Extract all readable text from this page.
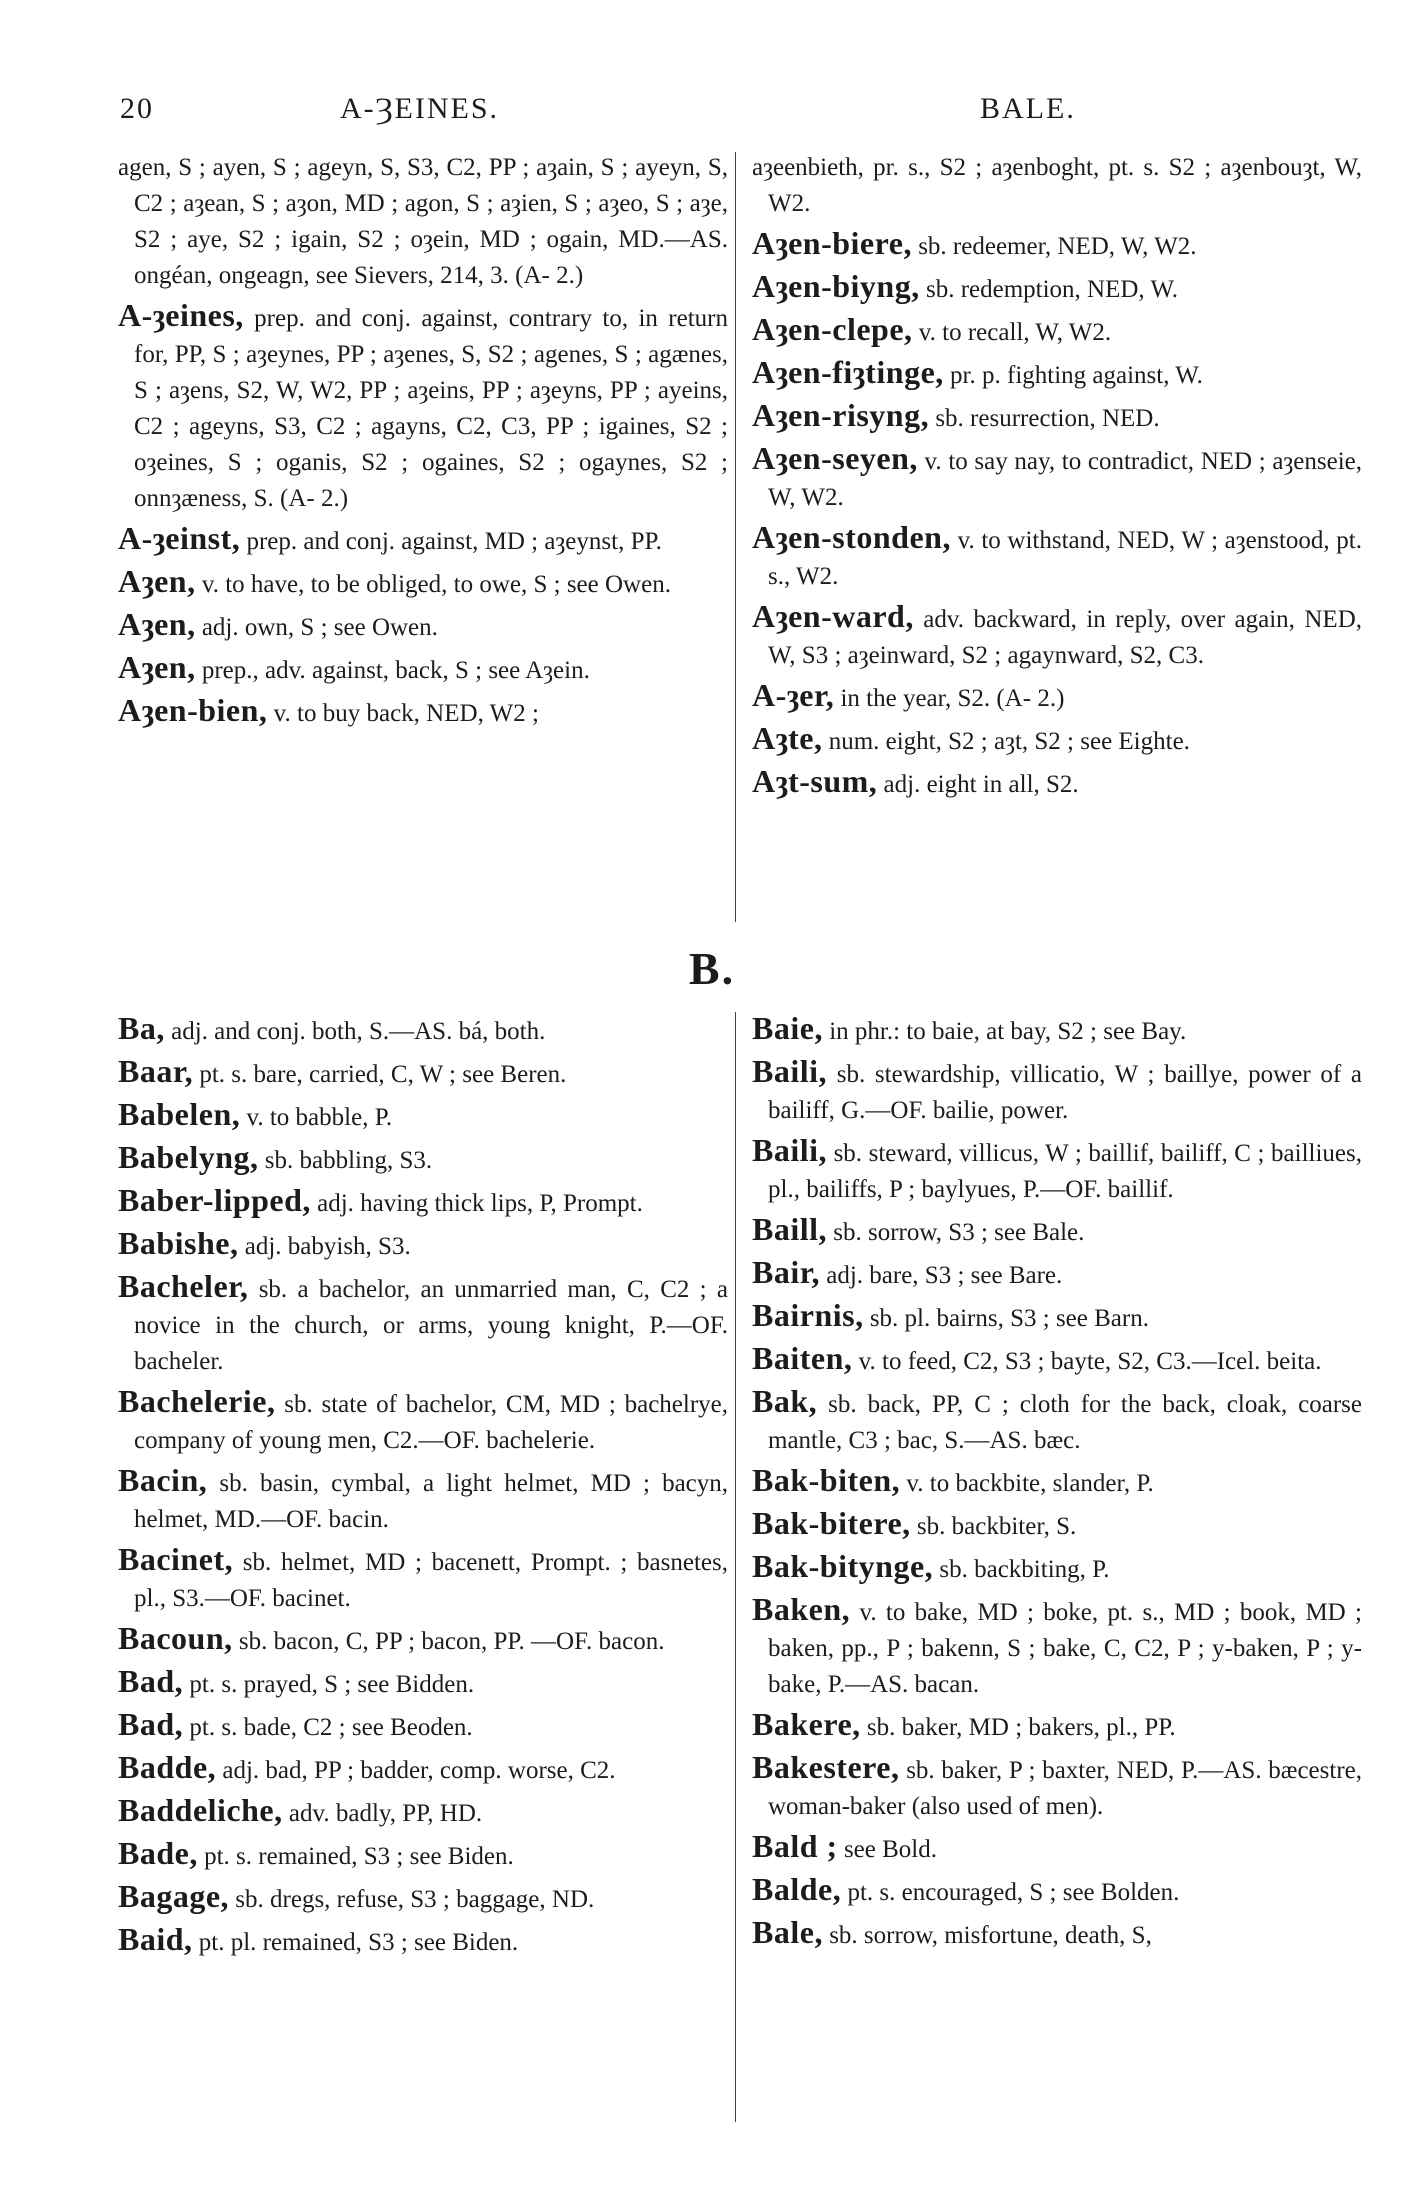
20	A-ȜEINES.	BALE.

agen, S ; ayen, S ; ageyn, S, S3, C2, PP ; aȝain, S ; ayeyn, S, C2 ; aȝean, S ; aȝon, MD ; agon, S ; aȝien, S ; aȝeo, S ; aȝe, S2 ; aye, S2 ; igain, S2 ; oȝein, MD ; ogain, MD.—AS. ongéan, ongeagn, see Sievers, 214, 3. (A- 2.)

A-ȝeines, prep. and conj. against, contrary to, in return for, PP, S ; aȝeynes, PP ; aȝenes, S, S2 ; agenes, S ; agænes, S ; aȝens, S2, W, W2, PP ; aȝeins, PP ; aȝeyns, PP ; ayeins, C2 ; ageyns, S3, C2 ; agayns, C2, C3, PP ; igaines, S2 ; oȝeines, S ; oganis, S2 ; ogaines, S2 ; ogaynes, S2 ; onnȝæness, S. (A- 2.)

A-ȝeinst, prep. and conj. against, MD ; aȝeynst, PP.

Aȝen, v. to have, to be obliged, to owe, S ; see Owen.

Aȝen, adj. own, S ; see Owen.

Aȝen, prep., adv. against, back, S ; see Aȝein.

Aȝen-bien, v. to buy back, NED, W2 ;

aȝeenbieth, pr. s., S2 ; aȝenboght, pt. s. S2 ; aȝenbouȝt, W, W2.

Aȝen-biere, sb. redeemer, NED, W, W2.

Aȝen-biyng, sb. redemption, NED, W.

Aȝen-clepe, v. to recall, W, W2.

Aȝen-fiȝtinge, pr. p. fighting against, W.

Aȝen-risyng, sb. resurrection, NED.

Aȝen-seyen, v. to say nay, to contradict, NED ; aȝenseie, W, W2.

Aȝen-stonden, v. to withstand, NED, W ; aȝenstood, pt. s., W2.

Aȝen-ward, adv. backward, in reply, over again, NED, W, S3 ; aȝeinward, S2 ; agaynward, S2, C3.

A-ȝer, in the year, S2. (A- 2.)

Aȝte, num. eight, S2 ; aȝt, S2 ; see Eighte.

Aȝt-sum, adj. eight in all, S2.

B.

Ba, adj. and conj. both, S.—AS. bá, both.

Baar, pt. s. bare, carried, C, W ; see Beren.

Babelen, v. to babble, P.

Babelyng, sb. babbling, S3.

Baber-lipped, adj. having thick lips, P, Prompt.

Babishe, adj. babyish, S3.

Bacheler, sb. a bachelor, an unmarried man, C, C2 ; a novice in the church, or arms, young knight, P.—OF. bacheler.

Bachelerie, sb. state of bachelor, CM, MD ; bachelrye, company of young men, C2.—OF. bachelerie.

Bacin, sb. basin, cymbal, a light helmet, MD ; bacyn, helmet, MD.—OF. bacin.

Bacinet, sb. helmet, MD ; bacenett, Prompt. ; basnetes, pl., S3.—OF. bacinet.

Bacoun, sb. bacon, C, PP ; bacon, PP. —OF. bacon.

Bad, pt. s. prayed, S ; see Bidden.

Bad, pt. s. bade, C2 ; see Beoden.

Badde, adj. bad, PP ; badder, comp. worse, C2.

Baddeliche, adv. badly, PP, HD.

Bade, pt. s. remained, S3 ; see Biden.

Bagage, sb. dregs, refuse, S3 ; baggage, ND.

Baid, pt. pl. remained, S3 ; see Biden.

Baie, in phr.: to baie, at bay, S2 ; see Bay.

Baili, sb. stewardship, villicatio, W ; baillye, power of a bailiff, G.—OF. bailie, power.

Baili, sb. steward, villicus, W ; baillif, bailiff, C ; bailliues, pl., bailiffs, P ; baylyues, P.—OF. baillif.

Baill, sb. sorrow, S3 ; see Bale.

Bair, adj. bare, S3 ; see Bare.

Bairnis, sb. pl. bairns, S3 ; see Barn.

Baiten, v. to feed, C2, S3 ; bayte, S2, C3.—Icel. beita.

Bak, sb. back, PP, C ; cloth for the back, cloak, coarse mantle, C3 ; bac, S.—AS. bæc.

Bak-biten, v. to backbite, slander, P.

Bak-bitere, sb. backbiter, S.

Bak-bitynge, sb. backbiting, P.

Baken, v. to bake, MD ; boke, pt. s., MD ; book, MD ; baken, pp., P ; bakenn, S ; bake, C, C2, P ; y-baken, P ; y-bake, P.—AS. bacan.

Bakere, sb. baker, MD ; bakers, pl., PP.

Bakestere, sb. baker, P ; baxter, NED, P.—AS. bæcestre, woman-baker (also used of men).

Bald ; see Bold.

Balde, pt. s. encouraged, S ; see Bolden.

Bale, sb. sorrow, misfortune, death, S,
